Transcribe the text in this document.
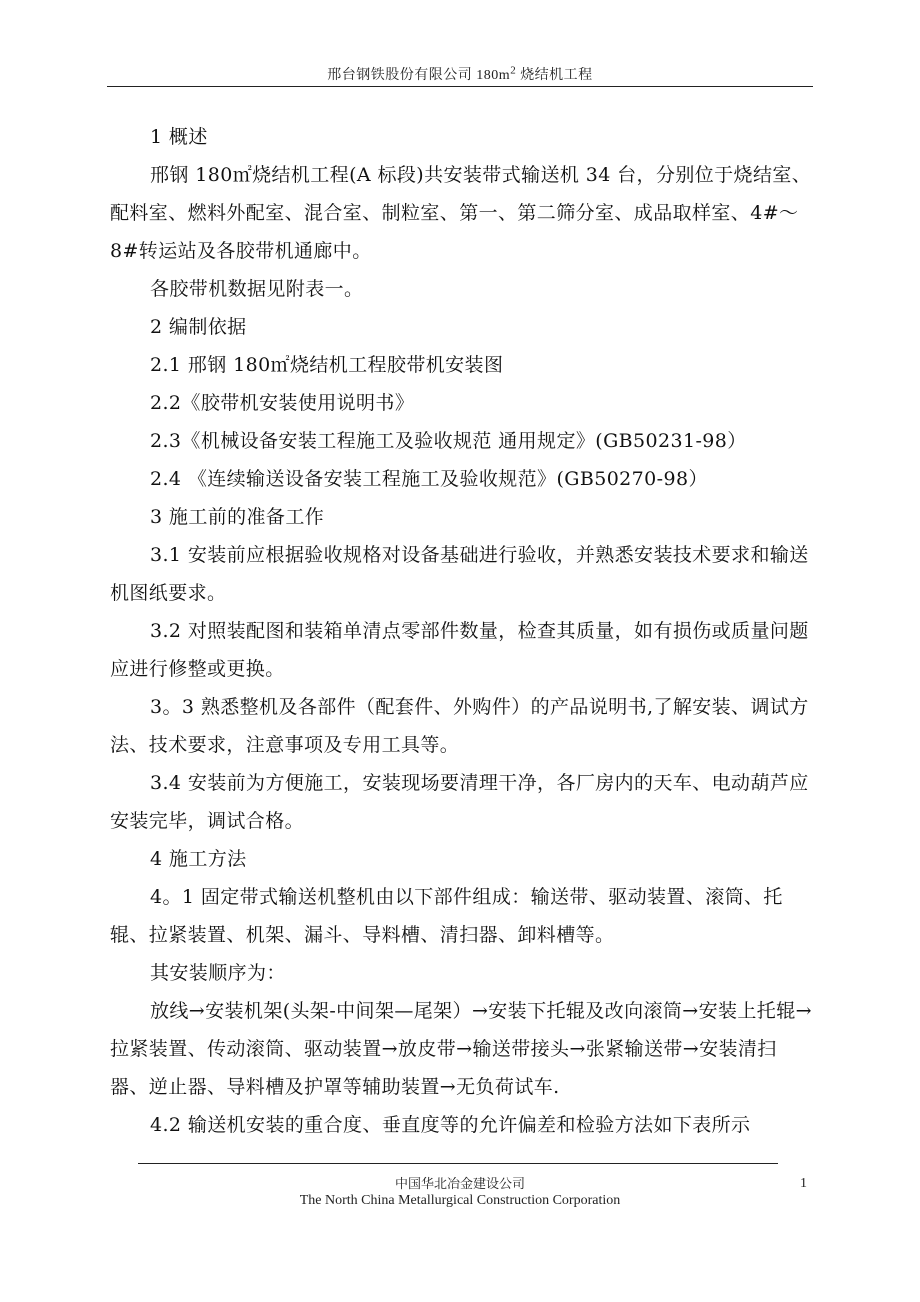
邢台钢铁股份有限公司 $180m^2$ 烧结机工程

1 概述

邢钢 180㎡烧结机工程(A 标段)共安装带式输送机 34 台，分别位于烧结室、配料室、燃料外配室、混合室、制粒室、第一、第二筛分室、成品取样室、4#～8#转运站及各胶带机通廊中。

各胶带机数据见附表一。

2 编制依据

2.1 邢钢 180㎡烧结机工程胶带机安装图

2.2《胶带机安装使用说明书》

2.3《机械设备安装工程施工及验收规范 通用规定》(GB50231-98）

2.4 《连续输送设备安装工程施工及验收规范》(GB50270-98）

3 施工前的准备工作

3.1 安装前应根据验收规格对设备基础进行验收，并熟悉安装技术要求和输送机图纸要求。

3.2 对照装配图和装箱单清点零部件数量，检查其质量，如有损伤或质量问题应进行修整或更换。

3。3 熟悉整机及各部件（配套件、外购件）的产品说明书,了解安装、调试方法、技术要求，注意事项及专用工具等。

3.4 安装前为方便施工，安装现场要清理干净，各厂房内的天车、电动葫芦应安装完毕，调试合格。

4 施工方法

4。1 固定带式输送机整机由以下部件组成：输送带、驱动装置、滚筒、托辊、拉紧装置、机架、漏斗、导料槽、清扫器、卸料槽等。

其安装顺序为：

放线→安装机架(头架-中间架—尾架）→安装下托辊及改向滚筒→安装上托辊→拉紧装置、传动滚筒、驱动装置→放皮带→输送带接头→张紧输送带→安装清扫器、逆止器、导料槽及护罩等辅助装置→无负荷试车.

4.2 输送机安装的重合度、垂直度等的允许偏差和检验方法如下表所示

中国华北冶金建设公司
The North China Metallurgical Construction Corporation
1
